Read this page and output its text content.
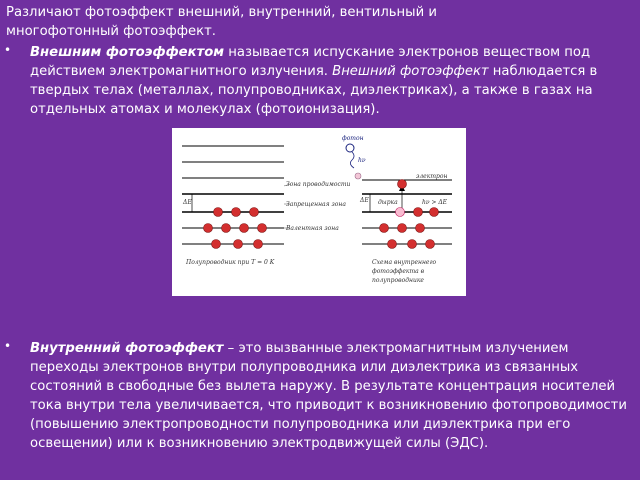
Различают фотоэффект внешний, внутренний, вентильный и многофотонный фотоэффект.
• Внешним фотоэффектом называется испускание электронов веществом под действием электромагнитного излучения. Внешний фотоэффект наблюдается в твердых телах (металлах, полупроводниках, диэлектриках), а также в газах на отдельных атомах и молекулах (фотоионизация).
ΔE
Зона проводимости
Запрещенная зона
Валентная зона
Полупроводник при T = 0 K
фотон
hν
ΔE
электрон
дырка	hν > ΔE
Схема внутреннего
фотоэффекта в
полупроводнике
• Внутренний фотоэффект – это вызванные электромагнитным излучением переходы электронов внутри полупроводника или диэлектрика из связанных состояний в свободные без вылета наружу. В результате концентрация носителей тока внутри тела увеличивается, что приводит к возникновению фотопроводимости (повышению электропроводности полупроводника или диэлектрика при его освещении) или к возникновению электродвижущей силы (ЭДС).
